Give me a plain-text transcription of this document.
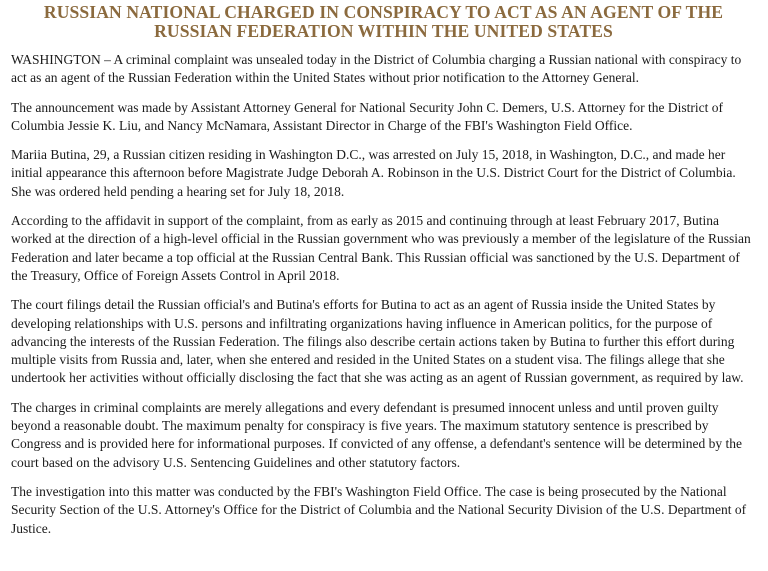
RUSSIAN NATIONAL CHARGED IN CONSPIRACY TO ACT AS AN AGENT OF THE
RUSSIAN FEDERATION WITHIN THE UNITED STATES

WASHINGTON – A criminal complaint was unsealed today in the District of Columbia charging a Russian national with conspiracy to act as an agent of the Russian Federation within the United States without prior notification to the Attorney General.

The announcement was made by Assistant Attorney General for National Security John C. Demers, U.S. Attorney for the District of Columbia Jessie K. Liu, and Nancy McNamara, Assistant Director in Charge of the FBI's Washington Field Office.

Mariia Butina, 29, a Russian citizen residing in Washington D.C., was arrested on July 15, 2018, in Washington, D.C., and made her initial appearance this afternoon before Magistrate Judge Deborah A. Robinson in the U.S. District Court for the District of Columbia. She was ordered held pending a hearing set for July 18, 2018.

According to the affidavit in support of the complaint, from as early as 2015 and continuing through at least February 2017, Butina worked at the direction of a high-level official in the Russian government who was previously a member of the legislature of the Russian Federation and later became a top official at the Russian Central Bank. This Russian official was sanctioned by the U.S. Department of the Treasury, Office of Foreign Assets Control in April 2018.

The court filings detail the Russian official's and Butina's efforts for Butina to act as an agent of Russia inside the United States by developing relationships with U.S. persons and infiltrating organizations having influence in American politics, for the purpose of advancing the interests of the Russian Federation. The filings also describe certain actions taken by Butina to further this effort during multiple visits from Russia and, later, when she entered and resided in the United States on a student visa. The filings allege that she undertook her activities without officially disclosing the fact that she was acting as an agent of Russian government, as required by law.

The charges in criminal complaints are merely allegations and every defendant is presumed innocent unless and until proven guilty beyond a reasonable doubt. The maximum penalty for conspiracy is five years. The maximum statutory sentence is prescribed by Congress and is provided here for informational purposes. If convicted of any offense, a defendant's sentence will be determined by the court based on the advisory U.S. Sentencing Guidelines and other statutory factors.

The investigation into this matter was conducted by the FBI's Washington Field Office. The case is being prosecuted by the National Security Section of the U.S. Attorney's Office for the District of Columbia and the National Security Division of the U.S. Department of Justice.
